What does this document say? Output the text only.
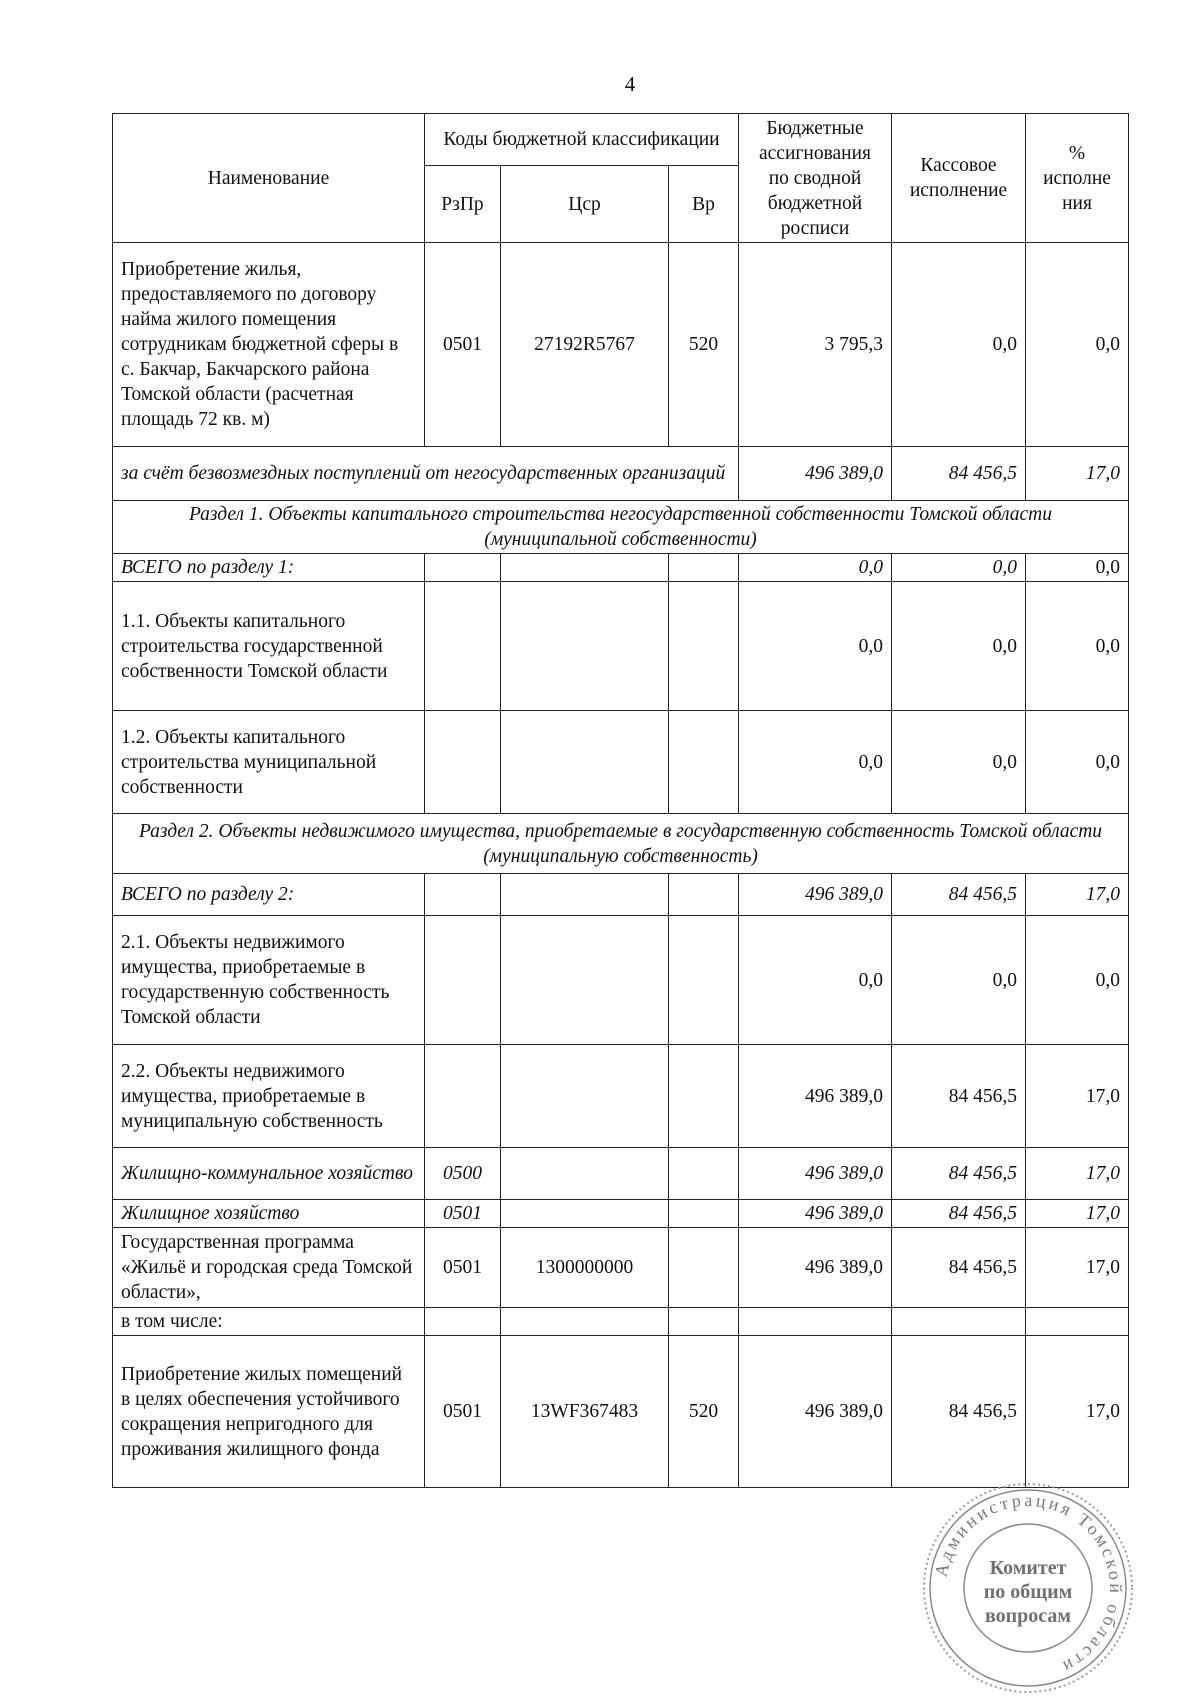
4
Наименование	Коды бюджетной классификации			Бюджетные ассигнования по сводной бюджетной росписи	Кассовое исполнение	% исполне ния
	РзПр	Цср	Вр			
Приобретение жилья, предоставляемого по договору найма жилого помещения сотрудникам бюджетной сферы в с. Бакчар, Бакчарского района Томской области (расчетная площадь 72 кв. м)	0501	27192R5767	520	3 795,3	0,0	0,0
за счёт безвозмездных поступлений от негосударственных организаций				496 389,0	84 456,5	17,0
Раздел 1. Объекты капитального строительства негосударственной собственности Томской области (муниципальной собственности)						
ВСЕГО по разделу 1:				0,0	0,0	0,0
1.1. Объекты капитального строительства государственной собственности Томской области				0,0	0,0	0,0
1.2. Объекты капитального строительства муниципальной собственности				0,0	0,0	0,0
Раздел 2. Объекты недвижимого имущества, приобретаемые в государственную собственность Томской области (муниципальную собственность)						
ВСЕГО по разделу 2:				496 389,0	84 456,5	17,0
2.1. Объекты недвижимого имущества, приобретаемые в государственную собственность Томской области				0,0	0,0	0,0
2.2. Объекты недвижимого имущества, приобретаемые в муниципальную собственность				496 389,0	84 456,5	17,0
Жилищно-коммунальное хозяйство	0500			496 389,0	84 456,5	17,0
Жилищное хозяйство	0501			496 389,0	84 456,5	17,0
Государственная программа «Жильё и городская среда Томской области»,	0501	1300000000		496 389,0	84 456,5	17,0
в том числе:						
Приобретение жилых помещений в целях обеспечения устойчивого сокращения непригодного для проживания жилищного фонда	0501	13WF367483	520	496 389,0	84 456,5	17,0
Администрация Томской области
Комитет
по общим
вопросам
